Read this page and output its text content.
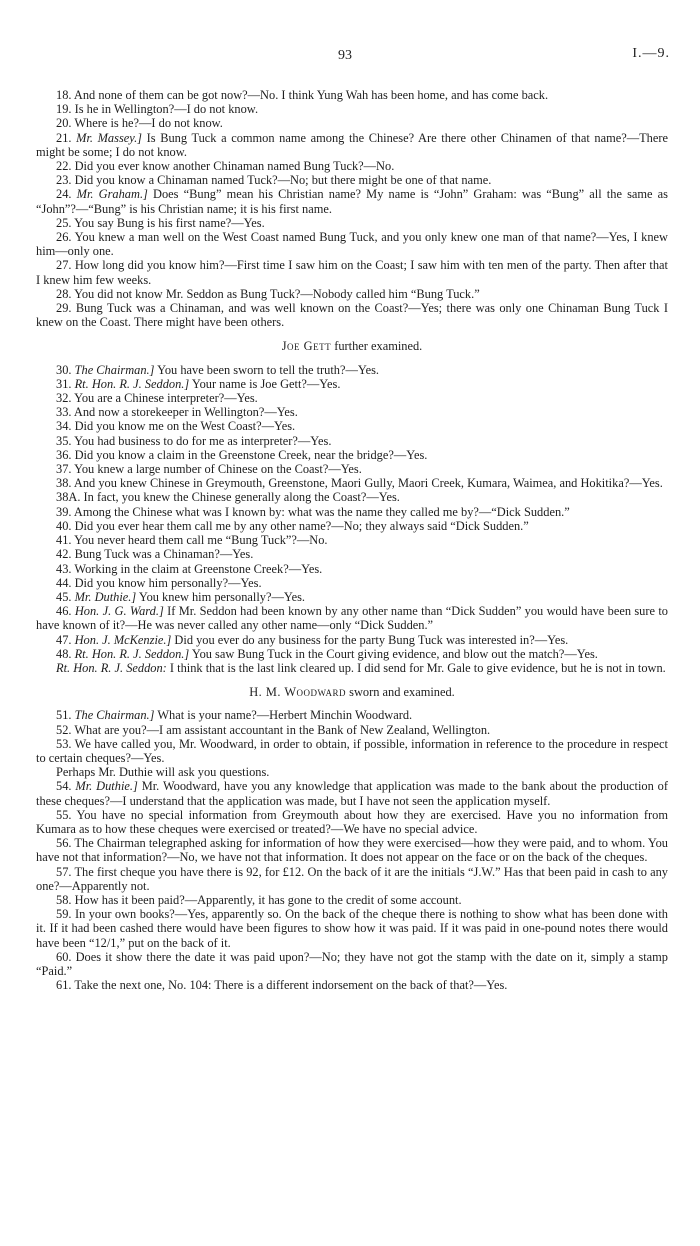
93	I.—9.

18. And none of them can be got now?—No. I think Yung Wah has been home, and has come back.

19. Is he in Wellington?—I do not know.

20. Where is he?—I do not know.

21. Mr. Massey.] Is Bung Tuck a common name among the Chinese? Are there other Chinamen of that name?—There might be some; I do not know.

22. Did you ever know another Chinaman named Bung Tuck?—No.

23. Did you know a Chinaman named Tuck?—No; but there might be one of that name.

24. Mr. Graham.] Does “Bung” mean his Christian name? My name is “John” Graham: was “Bung” all the same as “John”?—“Bung” is his Christian name; it is his first name.

25. You say Bung is his first name?—Yes.

26. You knew a man well on the West Coast named Bung Tuck, and you only knew one man of that name?—Yes, I knew him—only one.

27. How long did you know him?—First time I saw him on the Coast; I saw him with ten men of the party. Then after that I knew him few weeks.

28. You did not know Mr. Seddon as Bung Tuck?—Nobody called him “Bung Tuck.”

29. Bung Tuck was a Chinaman, and was well known on the Coast?—Yes; there was only one Chinaman Bung Tuck I knew on the Coast. There might have been others.

Joe Gett further examined.

30. The Chairman.] You have been sworn to tell the truth?—Yes.

31. Rt. Hon. R. J. Seddon.] Your name is Joe Gett?—Yes.

32. You are a Chinese interpreter?—Yes.

33. And now a storekeeper in Wellington?—Yes.

34. Did you know me on the West Coast?—Yes.

35. You had business to do for me as interpreter?—Yes.

36. Did you know a claim in the Greenstone Creek, near the bridge?—Yes.

37. You knew a large number of Chinese on the Coast?—Yes.

38. And you knew Chinese in Greymouth, Greenstone, Maori Gully, Maori Creek, Kumara, Waimea, and Hokitika?—Yes.

38A. In fact, you knew the Chinese generally along the Coast?—Yes.

39. Among the Chinese what was I known by: what was the name they called me by?—“Dick Sudden.”

40. Did you ever hear them call me by any other name?—No; they always said “Dick Sudden.”

41. You never heard them call me “Bung Tuck”?—No.

42. Bung Tuck was a Chinaman?—Yes.

43. Working in the claim at Greenstone Creek?—Yes.

44. Did you know him personally?—Yes.

45. Mr. Duthie.] You knew him personally?—Yes.

46. Hon. J. G. Ward.] If Mr. Seddon had been known by any other name than “Dick Sudden” you would have been sure to have known of it?—He was never called any other name—only “Dick Sudden.”

47. Hon. J. McKenzie.] Did you ever do any business for the party Bung Tuck was interested in?—Yes.

48. Rt. Hon. R. J. Seddon.] You saw Bung Tuck in the Court giving evidence, and blow out the match?—Yes.

Rt. Hon. R. J. Seddon: I think that is the last link cleared up. I did send for Mr. Gale to give evidence, but he is not in town.

H. M. Woodward sworn and examined.

51. The Chairman.] What is your name?—Herbert Minchin Woodward.

52. What are you?—I am assistant accountant in the Bank of New Zealand, Wellington.

53. We have called you, Mr. Woodward, in order to obtain, if possible, information in reference to the procedure in respect to certain cheques?—Yes.

Perhaps Mr. Duthie will ask you questions.

54. Mr. Duthie.] Mr. Woodward, have you any knowledge that application was made to the bank about the production of these cheques?—I understand that the application was made, but I have not seen the application myself.

55. You have no special information from Greymouth about how they are exercised. Have you no information from Kumara as to how these cheques were exercised or treated?—We have no special advice.

56. The Chairman telegraphed asking for information of how they were exercised—how they were paid, and to whom. You have not that information?—No, we have not that information. It does not appear on the face or on the back of the cheques.

57. The first cheque you have there is 92, for £12. On the back of it are the initials “J.W.” Has that been paid in cash to any one?—Apparently not.

58. How has it been paid?—Apparently, it has gone to the credit of some account.

59. In your own books?—Yes, apparently so. On the back of the cheque there is nothing to show what has been done with it. If it had been cashed there would have been figures to show how it was paid. If it was paid in one-pound notes there would have been “12/1,” put on the back of it.

60. Does it show there the date it was paid upon?—No; they have not got the stamp with the date on it, simply a stamp “Paid.”

61. Take the next one, No. 104: There is a different indorsement on the back of that?—Yes.
